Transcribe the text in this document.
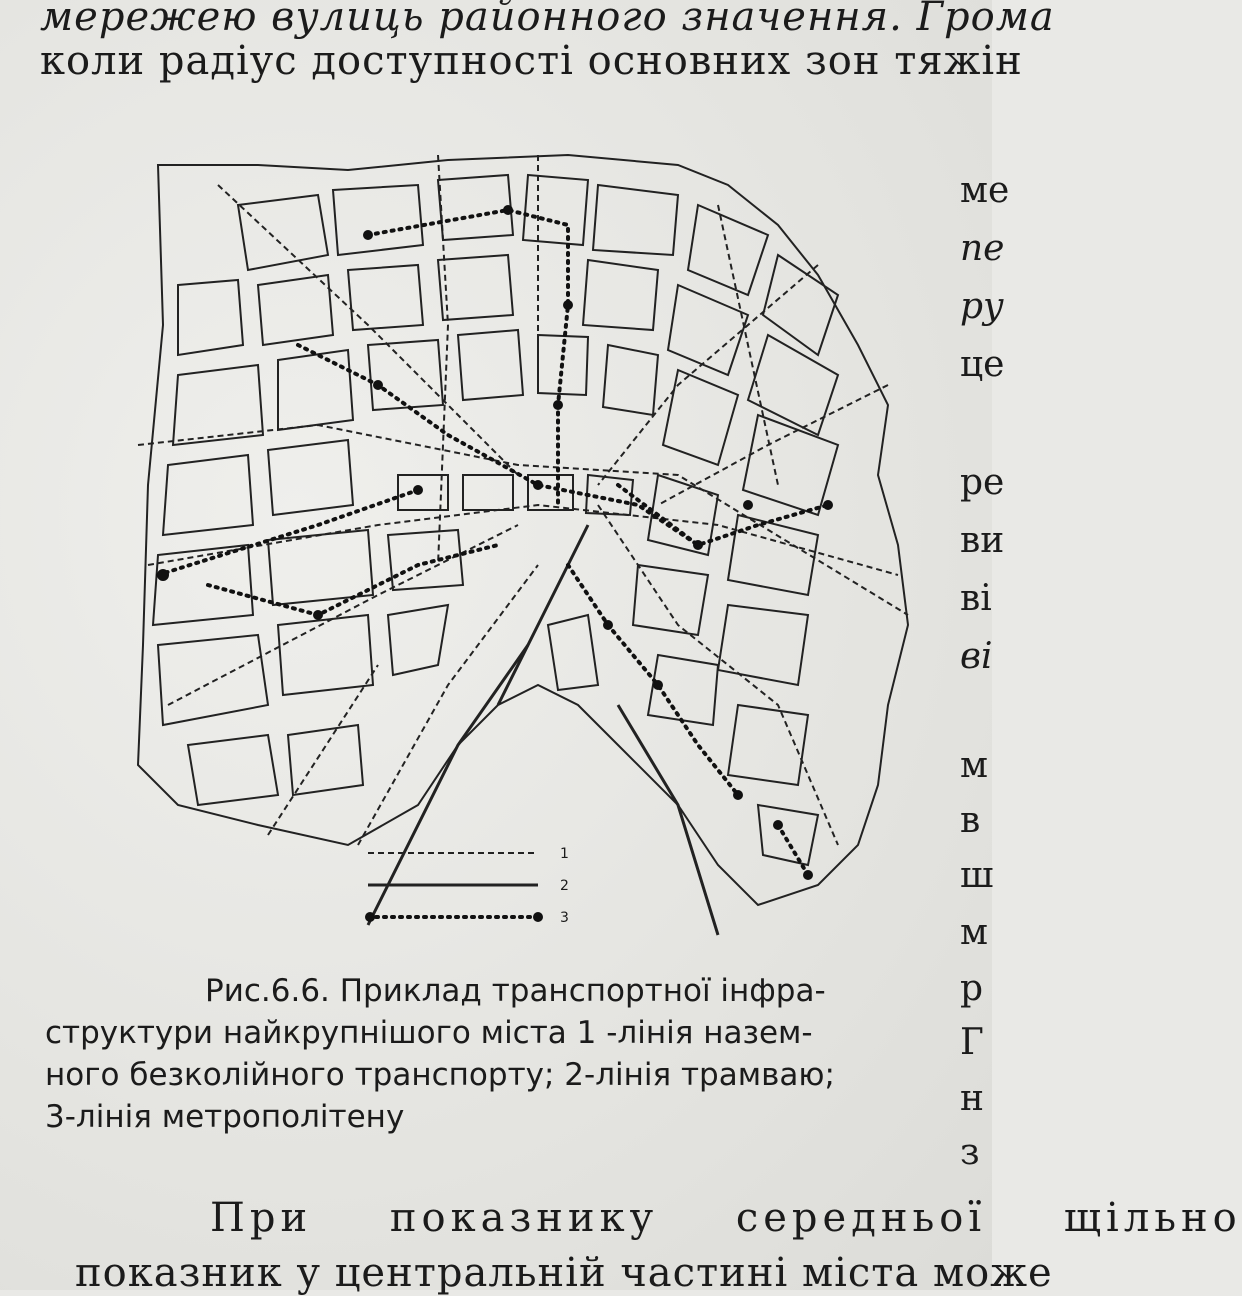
мережею вулиць районного значення. Грома
коли радіус доступності основних зон тяжін
ме
пе
ру
це
ре
ви
ві
ві
м
в
ш
м
р
Г
н
з
1
2
3

Рис.6.6. Приклад транспортної інфра-

структури найкрупнішого міста 1 -лінія назем-

ного безколійного транспорту; 2-лінія трамваю;

3-лінія метрополітену

При показнику середньої щільно
показник у центральній частині міста може
